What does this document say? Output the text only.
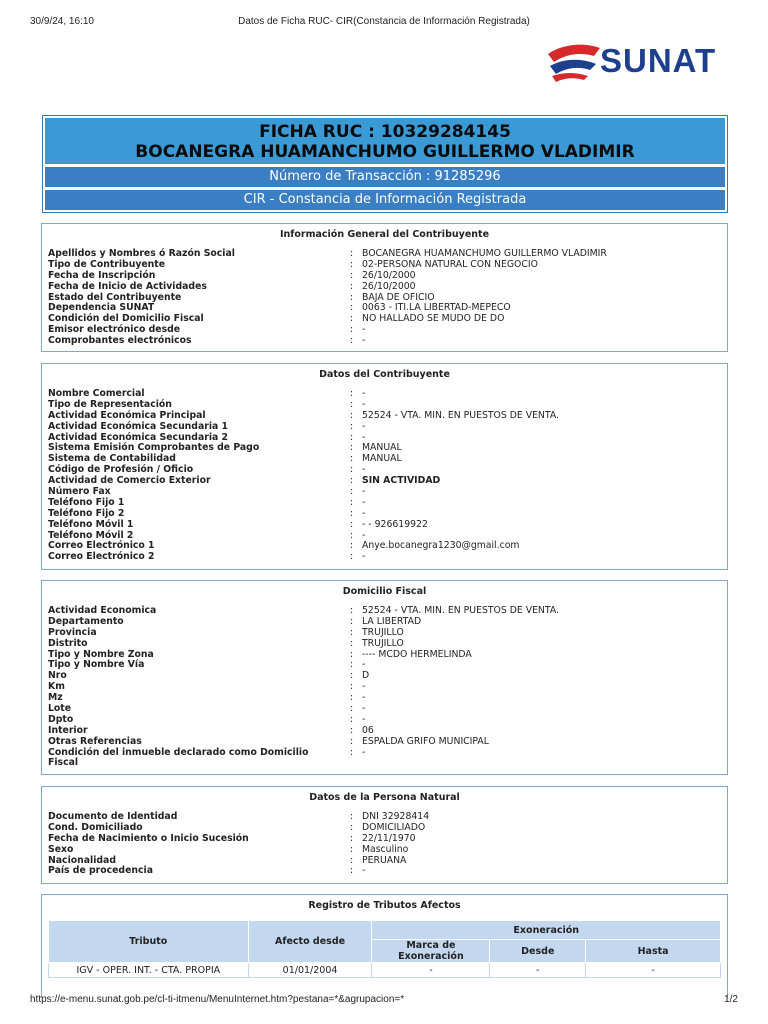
30/9/24, 16:10	Datos de Ficha RUC- CIR(Constancia de Información Registrada)
SUNAT
FICHA RUC : 10329284145
BOCANEGRA HUAMANCHUMO GUILLERMO VLADIMIR
Número de Transacción : 91285296
CIR - Constancia de Información Registrada
Información General del Contribuyente
Apellidos y Nombres ó Razón Social	: BOCANEGRA HUAMANCHUMO GUILLERMO VLADIMIR
Tipo de Contribuyente	: 02-PERSONA NATURAL CON NEGOCIO
Fecha de Inscripción	: 26/10/2000
Fecha de Inicio de Actividades	: 26/10/2000
Estado del Contribuyente	: BAJA DE OFICIO
Dependencia SUNAT	: 0063 - ITI.LA LIBERTAD-MEPECO
Condición del Domicilio Fiscal	: NO HALLADO SE MUDO DE DO
Emisor electrónico desde	: -
Comprobantes electrónicos	: -
Datos del Contribuyente
Nombre Comercial	: -
Tipo de Representación	: -
Actividad Económica Principal	: 52524 - VTA. MIN. EN PUESTOS DE VENTA.
Actividad Económica Secundaria 1	: -
Actividad Económica Secundaria 2	: -
Sistema Emisión Comprobantes de Pago	: MANUAL
Sistema de Contabilidad	: MANUAL
Código de Profesión / Oficio	: -
Actividad de Comercio Exterior	: SIN ACTIVIDAD
Número Fax	: -
Teléfono Fijo 1	: -
Teléfono Fijo 2	: -
Teléfono Móvil 1	: - - 926619922
Teléfono Móvil 2	: -
Correo Electrónico 1	: Anye.bocanegra1230@gmail.com
Correo Electrónico 2	: -
Domicilio Fiscal
Actividad Economica	: 52524 - VTA. MIN. EN PUESTOS DE VENTA.
Departamento	: LA LIBERTAD
Provincia	: TRUJILLO
Distrito	: TRUJILLO
Tipo y Nombre Zona	: ---- MCDO HERMELINDA
Tipo y Nombre Vía	: -
Nro	: D
Km	: -
Mz	: -
Lote	: -
Dpto	: -
Interior	: 06
Otras Referencias	: ESPALDA GRIFO MUNICIPAL
Condición del inmueble declarado como Domicilio Fiscal
: -
Datos de la Persona Natural
Documento de Identidad	: DNI 32928414
Cond. Domiciliado	: DOMICILIADO
Fecha de Nacimiento o Inicio Sucesión	: 22/11/1970
Sexo	: Masculino
Nacionalidad	: PERUANA
País de procedencia	: -
Registro de Tributos Afectos
Tributo	Afecto desde	Exoneración		
		Marca de Exoneración	Desde	Hasta
IGV - OPER. INT. - CTA. PROPIA	01/01/2004	-	-	-
https://e-menu.sunat.gob.pe/cl-ti-itmenu/MenuInternet.htm?pestana=*&agrupacion=*	1/2
